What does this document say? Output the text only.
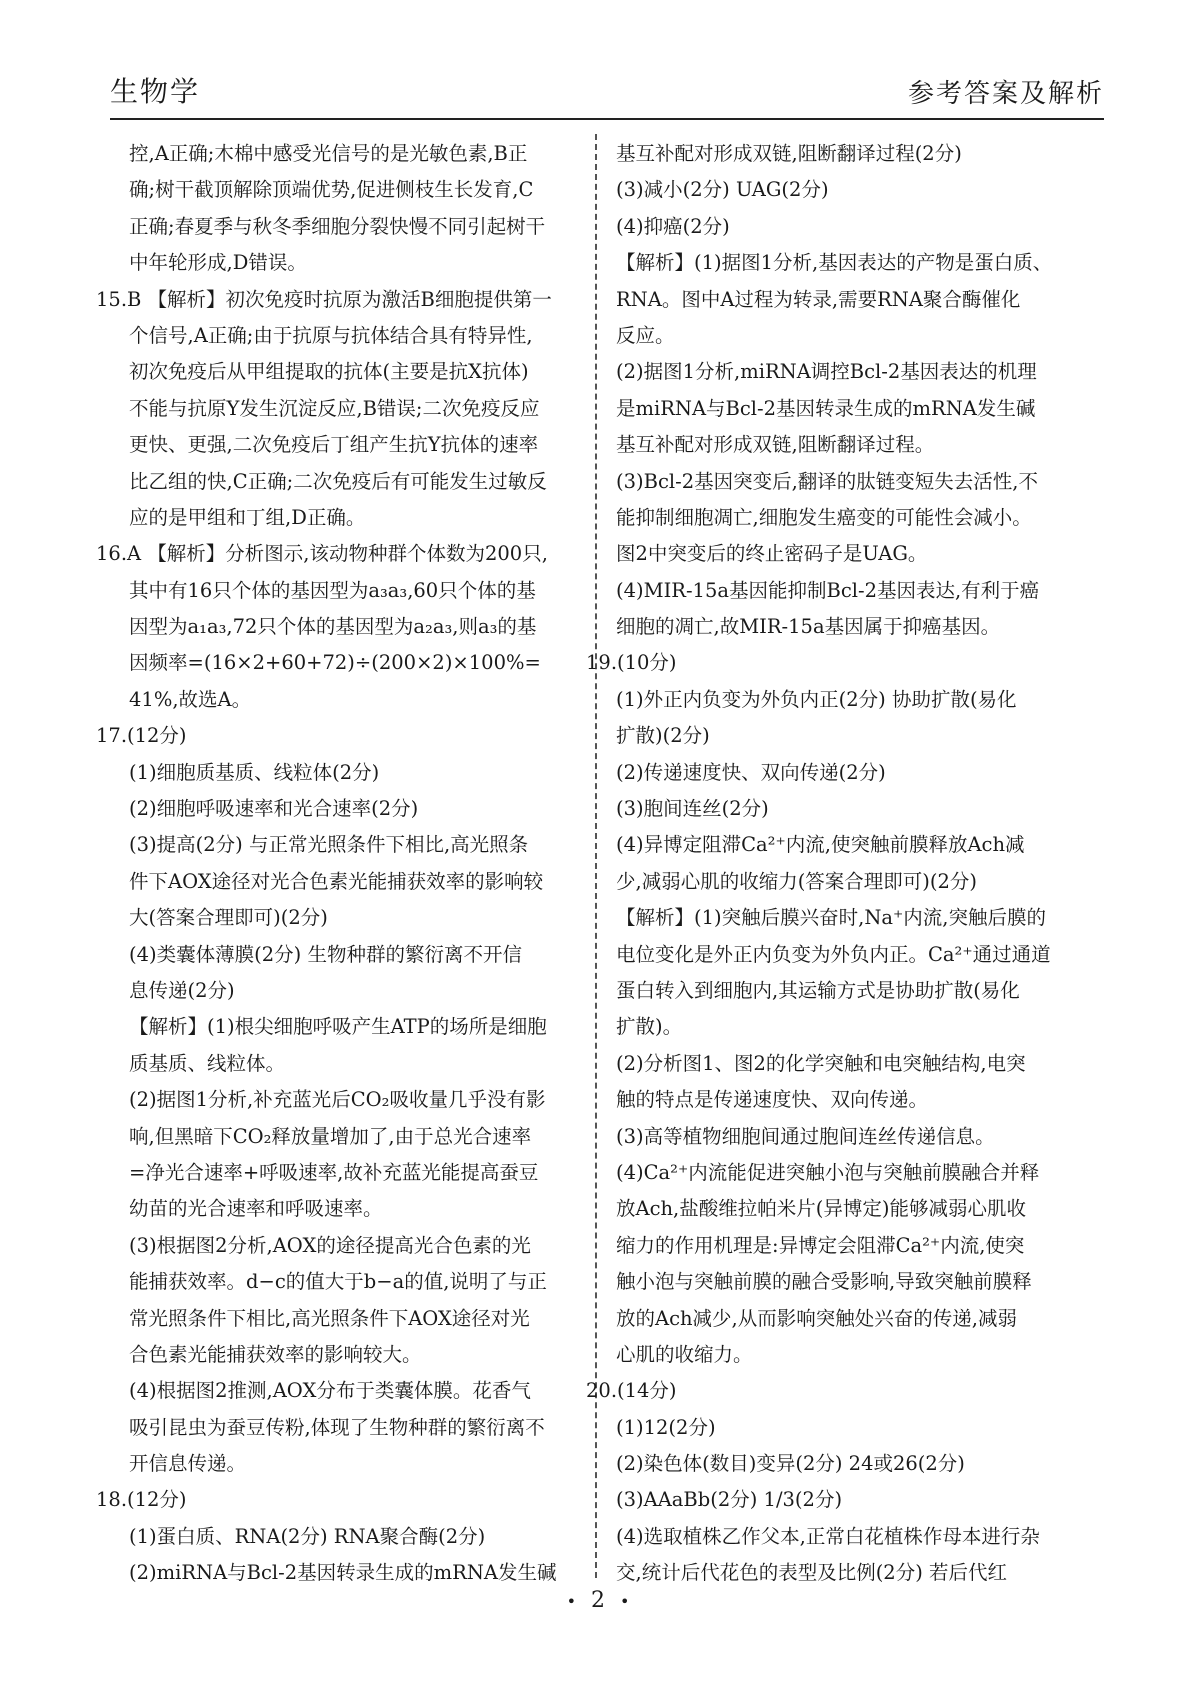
生物学	参考答案及解析
控,A正确;木棉中感受光信号的是光敏色素,B正
确;树干截顶解除顶端优势,促进侧枝生长发育,C
正确;春夏季与秋冬季细胞分裂快慢不同引起树干
中年轮形成,D错误。
15.B 【解析】初次免疫时抗原为激活B细胞提供第一
个信号,A正确;由于抗原与抗体结合具有特异性,
初次免疫后从甲组提取的抗体(主要是抗X抗体)
不能与抗原Y发生沉淀反应,B错误;二次免疫反应
更快、更强,二次免疫后丁组产生抗Y抗体的速率
比乙组的快,C正确;二次免疫后有可能发生过敏反
应的是甲组和丁组,D正确。
16.A 【解析】分析图示,该动物种群个体数为200只,
其中有16只个体的基因型为a₃a₃,60只个体的基
因型为a₁a₃,72只个体的基因型为a₂a₃,则a₃的基
因频率=(16×2+60+72)÷(200×2)×100%=
41%,故选A。
17.(12分)
(1)细胞质基质、线粒体(2分)
(2)细胞呼吸速率和光合速率(2分)
(3)提高(2分) 与正常光照条件下相比,高光照条
件下AOX途径对光合色素光能捕获效率的影响较
大(答案合理即可)(2分)
(4)类囊体薄膜(2分) 生物种群的繁衍离不开信
息传递(2分)
【解析】(1)根尖细胞呼吸产生ATP的场所是细胞
质基质、线粒体。
(2)据图1分析,补充蓝光后CO₂吸收量几乎没有影
响,但黑暗下CO₂释放量增加了,由于总光合速率
=净光合速率+呼吸速率,故补充蓝光能提高蚕豆
幼苗的光合速率和呼吸速率。
(3)根据图2分析,AOX的途径提高光合色素的光
能捕获效率。d−c的值大于b−a的值,说明了与正
常光照条件下相比,高光照条件下AOX途径对光
合色素光能捕获效率的影响较大。
(4)根据图2推测,AOX分布于类囊体膜。花香气
吸引昆虫为蚕豆传粉,体现了生物种群的繁衍离不
开信息传递。
18.(12分)
(1)蛋白质、RNA(2分) RNA聚合酶(2分)
(2)miRNA与Bcl-2基因转录生成的mRNA发生碱
基互补配对形成双链,阻断翻译过程(2分)
(3)减小(2分) UAG(2分)
(4)抑癌(2分)
【解析】(1)据图1分析,基因表达的产物是蛋白质、
RNA。图中A过程为转录,需要RNA聚合酶催化
反应。
(2)据图1分析,miRNA调控Bcl-2基因表达的机理
是miRNA与Bcl-2基因转录生成的mRNA发生碱
基互补配对形成双链,阻断翻译过程。
(3)Bcl-2基因突变后,翻译的肽链变短失去活性,不
能抑制细胞凋亡,细胞发生癌变的可能性会减小。
图2中突变后的终止密码子是UAG。
(4)MIR-15a基因能抑制Bcl-2基因表达,有利于癌
细胞的凋亡,故MIR-15a基因属于抑癌基因。
19.(10分)
(1)外正内负变为外负内正(2分) 协助扩散(易化
扩散)(2分)
(2)传递速度快、双向传递(2分)
(3)胞间连丝(2分)
(4)异博定阻滞Ca²⁺内流,使突触前膜释放Ach减
少,减弱心肌的收缩力(答案合理即可)(2分)
【解析】(1)突触后膜兴奋时,Na⁺内流,突触后膜的
电位变化是外正内负变为外负内正。Ca²⁺通过通道
蛋白转入到细胞内,其运输方式是协助扩散(易化
扩散)。
(2)分析图1、图2的化学突触和电突触结构,电突
触的特点是传递速度快、双向传递。
(3)高等植物细胞间通过胞间连丝传递信息。
(4)Ca²⁺内流能促进突触小泡与突触前膜融合并释
放Ach,盐酸维拉帕米片(异博定)能够减弱心肌收
缩力的作用机理是:异博定会阻滞Ca²⁺内流,使突
触小泡与突触前膜的融合受影响,导致突触前膜释
放的Ach减少,从而影响突触处兴奋的传递,减弱
心肌的收缩力。
20.(14分)
(1)12(2分)
(2)染色体(数目)变异(2分) 24或26(2分)
(3)AAaBb(2分) 1/3(2分)
(4)选取植株乙作父本,正常白花植株作母本进行杂
交,统计后代花色的表型及比例(2分) 若后代红
• 2 •
